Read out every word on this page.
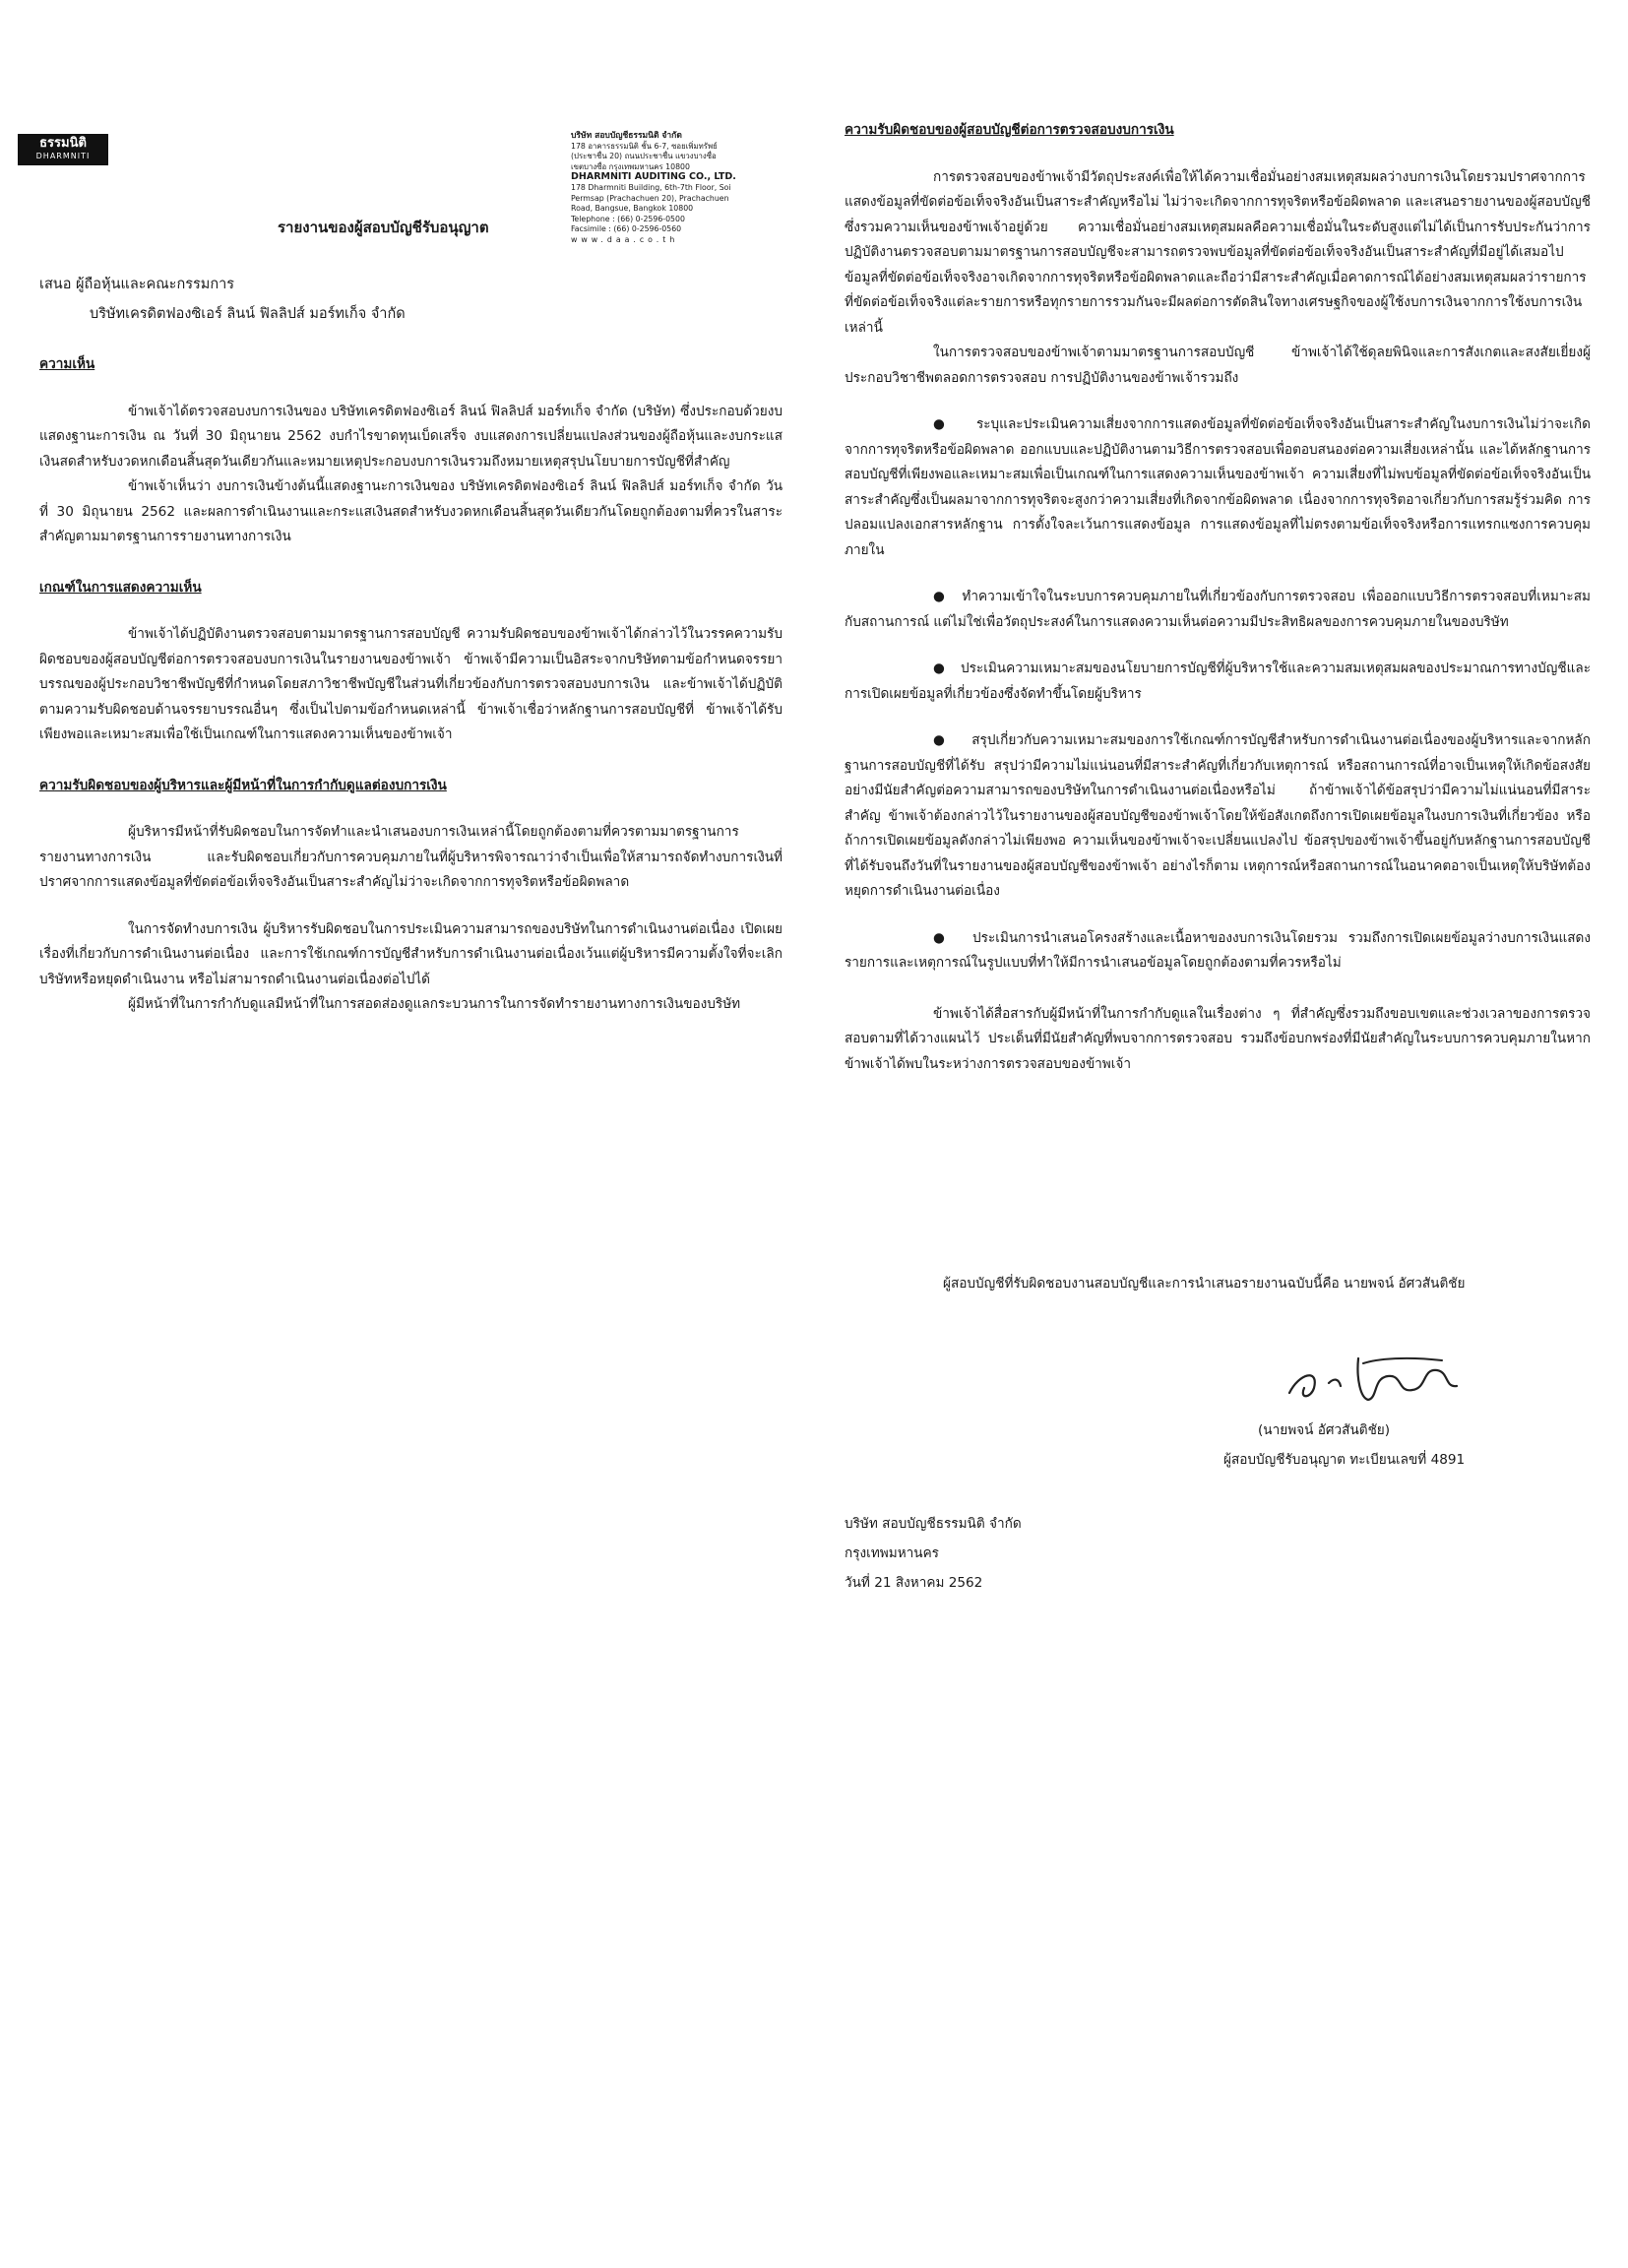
ธรรมนิติ
DHARMNITI
บริษัท สอบบัญชีธรรมนิติ จำกัด
178 อาคารธรรมนิติ ชั้น 6-7, ซอยเพิ่มทรัพย์
(ประชาชื่น 20) ถนนประชาชื่น แขวงบางซื่อ
เขตบางซื่อ กรุงเทพมหานคร 10800
DHARMNITI AUDITING CO., LTD.
178 Dharmniti Building, 6th-7th Floor, Soi
Permsap (Prachachuen 20), Prachachuen
Road, Bangsue, Bangkok 10800
Telephone : (66) 0-2596-0500
Facsimile : (66) 0-2596-0560
www.daa.co.th
รายงานของผู้สอบบัญชีรับอนุญาต
เสนอ ผู้ถือหุ้นและคณะกรรมการ
บริษัทเครดิตฟองซิเอร์ ลินน์ ฟิลลิปส์ มอร์ทเก็จ จำกัด

ความเห็น

ข้าพเจ้าได้ตรวจสอบงบการเงินของ บริษัทเครดิตฟองซิเอร์ ลินน์ ฟิลลิปส์ มอร์ทเก็จ จำกัด (บริษัท) ซึ่งประกอบด้วยงบแสดงฐานะการเงิน ณ วันที่ 30 มิถุนายน 2562 งบกำไรขาดทุนเบ็ดเสร็จ งบแสดงการเปลี่ยนแปลงส่วนของผู้ถือหุ้นและงบกระแสเงินสดสำหรับงวดหกเดือนสิ้นสุดวันเดียวกันและหมายเหตุประกอบงบการเงินรวมถึงหมายเหตุสรุปนโยบายการบัญชีที่สำคัญ

ข้าพเจ้าเห็นว่า งบการเงินข้างต้นนี้แสดงฐานะการเงินของ บริษัทเครดิตฟองซิเอร์ ลินน์ ฟิลลิปส์ มอร์ทเก็จ จำกัด วันที่ 30 มิถุนายน 2562 และผลการดำเนินงานและกระแสเงินสดสำหรับงวดหกเดือนสิ้นสุดวันเดียวกันโดยถูกต้องตามที่ควรในสาระสำคัญตามมาตรฐานการรายงานทางการเงิน

เกณฑ์ในการแสดงความเห็น

ข้าพเจ้าได้ปฏิบัติงานตรวจสอบตามมาตรฐานการสอบบัญชี ความรับผิดชอบของข้าพเจ้าได้กล่าวไว้ในวรรคความรับผิดชอบของผู้สอบบัญชีต่อการตรวจสอบงบการเงินในรายงานของข้าพเจ้า ข้าพเจ้ามีความเป็นอิสระจากบริษัทตามข้อกำหนดจรรยาบรรณของผู้ประกอบวิชาชีพบัญชีที่กำหนดโดยสภาวิชาชีพบัญชีในส่วนที่เกี่ยวข้องกับการตรวจสอบงบการเงิน และข้าพเจ้าได้ปฏิบัติตามความรับผิดชอบด้านจรรยาบรรณอื่นๆ ซึ่งเป็นไปตามข้อกำหนดเหล่านี้ ข้าพเจ้าเชื่อว่าหลักฐานการสอบบัญชีที่ ข้าพเจ้าได้รับเพียงพอและเหมาะสมเพื่อใช้เป็นเกณฑ์ในการแสดงความเห็นของข้าพเจ้า

ความรับผิดชอบของผู้บริหารและผู้มีหน้าที่ในการกำกับดูแลต่องบการเงิน

ผู้บริหารมีหน้าที่รับผิดชอบในการจัดทำและนำเสนองบการเงินเหล่านี้โดยถูกต้องตามที่ควรตามมาตรฐานการรายงานทางการเงิน และรับผิดชอบเกี่ยวกับการควบคุมภายในที่ผู้บริหารพิจารณาว่าจำเป็นเพื่อให้สามารถจัดทำงบการเงินที่ปราศจากการแสดงข้อมูลที่ขัดต่อข้อเท็จจริงอันเป็นสาระสำคัญไม่ว่าจะเกิดจากการทุจริตหรือข้อผิดพลาด

ในการจัดทำงบการเงิน ผู้บริหารรับผิดชอบในการประเมินความสามารถของบริษัทในการดำเนินงานต่อเนื่อง เปิดเผยเรื่องที่เกี่ยวกับการดำเนินงานต่อเนื่อง และการใช้เกณฑ์การบัญชีสำหรับการดำเนินงานต่อเนื่องเว้นแต่ผู้บริหารมีความตั้งใจที่จะเลิกบริษัทหรือหยุดดำเนินงาน หรือไม่สามารถดำเนินงานต่อเนื่องต่อไปได้

ผู้มีหน้าที่ในการกำกับดูแลมีหน้าที่ในการสอดส่องดูแลกระบวนการในการจัดทำรายงานทางการเงินของบริษัท

ความรับผิดชอบของผู้สอบบัญชีต่อการตรวจสอบงบการเงิน

การตรวจสอบของข้าพเจ้ามีวัตถุประสงค์เพื่อให้ได้ความเชื่อมั่นอย่างสมเหตุสมผลว่างบการเงินโดยรวมปราศจากการแสดงข้อมูลที่ขัดต่อข้อเท็จจริงอันเป็นสาระสำคัญหรือไม่ ไม่ว่าจะเกิดจากการทุจริตหรือข้อผิดพลาด และเสนอรายงานของผู้สอบบัญชีซึ่งรวมความเห็นของข้าพเจ้าอยู่ด้วย ความเชื่อมั่นอย่างสมเหตุสมผลคือความเชื่อมั่นในระดับสูงแต่ไม่ได้เป็นการรับประกันว่าการปฏิบัติงานตรวจสอบตามมาตรฐานการสอบบัญชีจะสามารถตรวจพบข้อมูลที่ขัดต่อข้อเท็จจริงอันเป็นสาระสำคัญที่มีอยู่ได้เสมอไป ข้อมูลที่ขัดต่อข้อเท็จจริงอาจเกิดจากการทุจริตหรือข้อผิดพลาดและถือว่ามีสาระสำคัญเมื่อคาดการณ์ได้อย่างสมเหตุสมผลว่ารายการที่ขัดต่อข้อเท็จจริงแต่ละรายการหรือทุกรายการรวมกันจะมีผลต่อการตัดสินใจทางเศรษฐกิจของผู้ใช้งบการเงินจากการใช้งบการเงินเหล่านี้

ในการตรวจสอบของข้าพเจ้าตามมาตรฐานการสอบบัญชี ข้าพเจ้าได้ใช้ดุลยพินิจและการสังเกตและสงสัยเยี่ยงผู้ประกอบวิชาชีพตลอดการตรวจสอบ การปฏิบัติงานของข้าพเจ้ารวมถึง

●  ระบุและประเมินความเสี่ยงจากการแสดงข้อมูลที่ขัดต่อข้อเท็จจริงอันเป็นสาระสำคัญในงบการเงินไม่ว่าจะเกิดจากการทุจริตหรือข้อผิดพลาด ออกแบบและปฏิบัติงานตามวิธีการตรวจสอบเพื่อตอบสนองต่อความเสี่ยงเหล่านั้น และได้หลักฐานการสอบบัญชีที่เพียงพอและเหมาะสมเพื่อเป็นเกณฑ์ในการแสดงความเห็นของข้าพเจ้า ความเสี่ยงที่ไม่พบข้อมูลที่ขัดต่อข้อเท็จจริงอันเป็นสาระสำคัญซึ่งเป็นผลมาจากการทุจริตจะสูงกว่าความเสี่ยงที่เกิดจากข้อผิดพลาด เนื่องจากการทุจริตอาจเกี่ยวกับการสมรู้ร่วมคิด การปลอมแปลงเอกสารหลักฐาน การตั้งใจละเว้นการแสดงข้อมูล การแสดงข้อมูลที่ไม่ตรงตามข้อเท็จจริงหรือการแทรกแซงการควบคุมภายใน

●  ทำความเข้าใจในระบบการควบคุมภายในที่เกี่ยวข้องกับการตรวจสอบ เพื่อออกแบบวิธีการตรวจสอบที่เหมาะสมกับสถานการณ์ แต่ไม่ใช่เพื่อวัตถุประสงค์ในการแสดงความเห็นต่อความมีประสิทธิผลของการควบคุมภายในของบริษัท

●  ประเมินความเหมาะสมของนโยบายการบัญชีที่ผู้บริหารใช้และความสมเหตุสมผลของประมาณการทางบัญชีและการเปิดเผยข้อมูลที่เกี่ยวข้องซึ่งจัดทำขึ้นโดยผู้บริหาร

●  สรุปเกี่ยวกับความเหมาะสมของการใช้เกณฑ์การบัญชีสำหรับการดำเนินงานต่อเนื่องของผู้บริหารและจากหลักฐานการสอบบัญชีที่ได้รับ สรุปว่ามีความไม่แน่นอนที่มีสาระสำคัญที่เกี่ยวกับเหตุการณ์ หรือสถานการณ์ที่อาจเป็นเหตุให้เกิดข้อสงสัยอย่างมีนัยสำคัญต่อความสามารถของบริษัทในการดำเนินงานต่อเนื่องหรือไม่ ถ้าข้าพเจ้าได้ข้อสรุปว่ามีความไม่แน่นอนที่มีสาระสำคัญ ข้าพเจ้าต้องกล่าวไว้ในรายงานของผู้สอบบัญชีของข้าพเจ้าโดยให้ข้อสังเกตถึงการเปิดเผยข้อมูลในงบการเงินที่เกี่ยวข้อง หรือถ้าการเปิดเผยข้อมูลดังกล่าวไม่เพียงพอ ความเห็นของข้าพเจ้าจะเปลี่ยนแปลงไป ข้อสรุปของข้าพเจ้าขึ้นอยู่กับหลักฐานการสอบบัญชีที่ได้รับจนถึงวันที่ในรายงานของผู้สอบบัญชีของข้าพเจ้า อย่างไรก็ตาม เหตุการณ์หรือสถานการณ์ในอนาคตอาจเป็นเหตุให้บริษัทต้องหยุดการดำเนินงานต่อเนื่อง

●  ประเมินการนำเสนอโครงสร้างและเนื้อหาของงบการเงินโดยรวม รวมถึงการเปิดเผยข้อมูลว่างบการเงินแสดงรายการและเหตุการณ์ในรูปแบบที่ทำให้มีการนำเสนอข้อมูลโดยถูกต้องตามที่ควรหรือไม่

ข้าพเจ้าได้สื่อสารกับผู้มีหน้าที่ในการกำกับดูแลในเรื่องต่าง ๆ ที่สำคัญซึ่งรวมถึงขอบเขตและช่วงเวลาของการตรวจสอบตามที่ได้วางแผนไว้ ประเด็นที่มีนัยสำคัญที่พบจากการตรวจสอบ รวมถึงข้อบกพร่องที่มีนัยสำคัญในระบบการควบคุมภายในหากข้าพเจ้าได้พบในระหว่างการตรวจสอบของข้าพเจ้า

ผู้สอบบัญชีที่รับผิดชอบงานสอบบัญชีและการนำเสนอรายงานฉบับนี้คือ นายพจน์ อัศวสันติชัย
(นายพจน์ อัศวสันติชัย)
ผู้สอบบัญชีรับอนุญาต ทะเบียนเลขที่ 4891
บริษัท สอบบัญชีธรรมนิติ จำกัด
กรุงเทพมหานคร
วันที่ 21 สิงหาคม 2562
